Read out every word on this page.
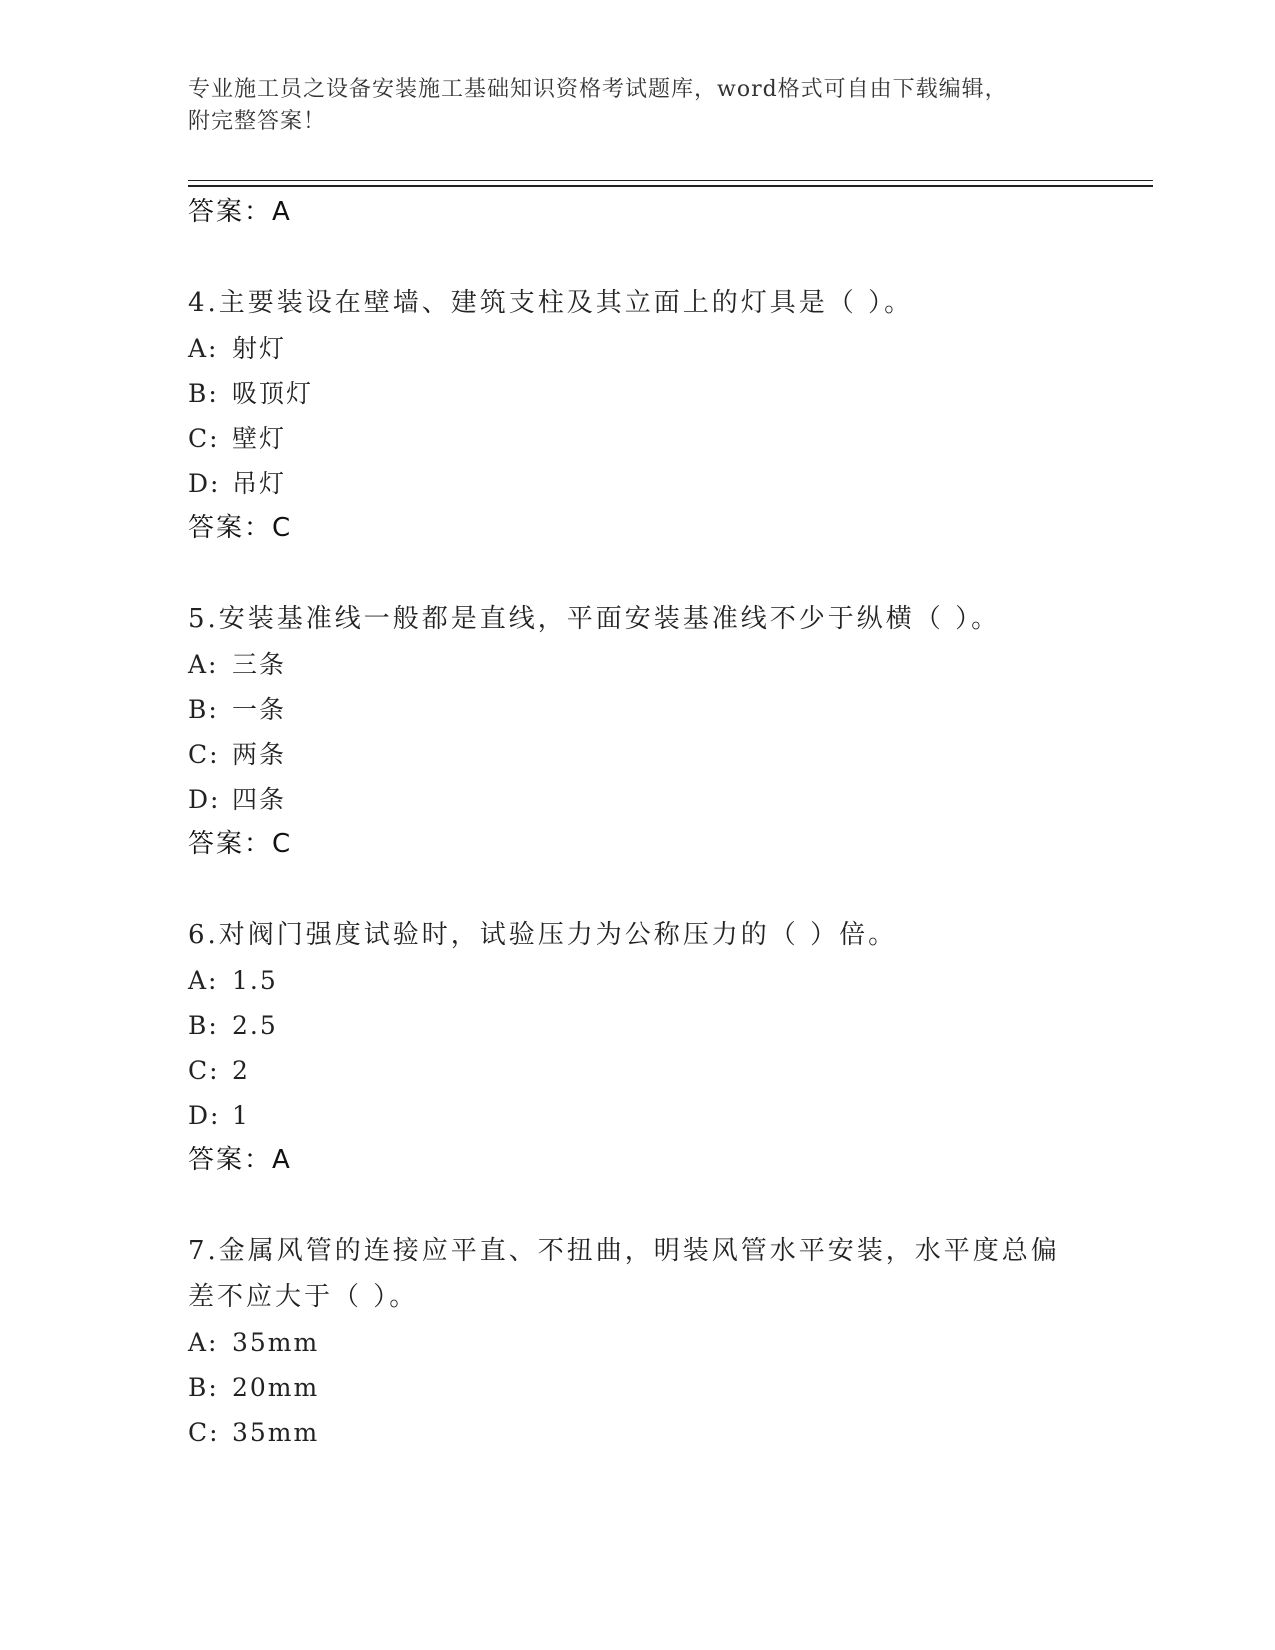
专业施工员之设备安装施工基础知识资格考试题库，word格式可自由下载编辑，
附完整答案！
答案：A
4.主要装设在壁墙、建筑支柱及其立面上的灯具是（ ）。
A: 射灯
B: 吸顶灯
C: 壁灯
D: 吊灯
答案：C
5.安装基准线一般都是直线，平面安装基准线不少于纵横（ ）。
A: 三条
B: 一条
C: 两条
D: 四条
答案：C
6.对阀门强度试验时，试验压力为公称压力的（ ）倍。
A: 1.5
B: 2.5
C: 2
D: 1
答案：A
7.金属风管的连接应平直、不扭曲，明装风管水平安装，水平度总偏
差不应大于（ ）。
A: 35mm
B: 20mm
C: 35mm
